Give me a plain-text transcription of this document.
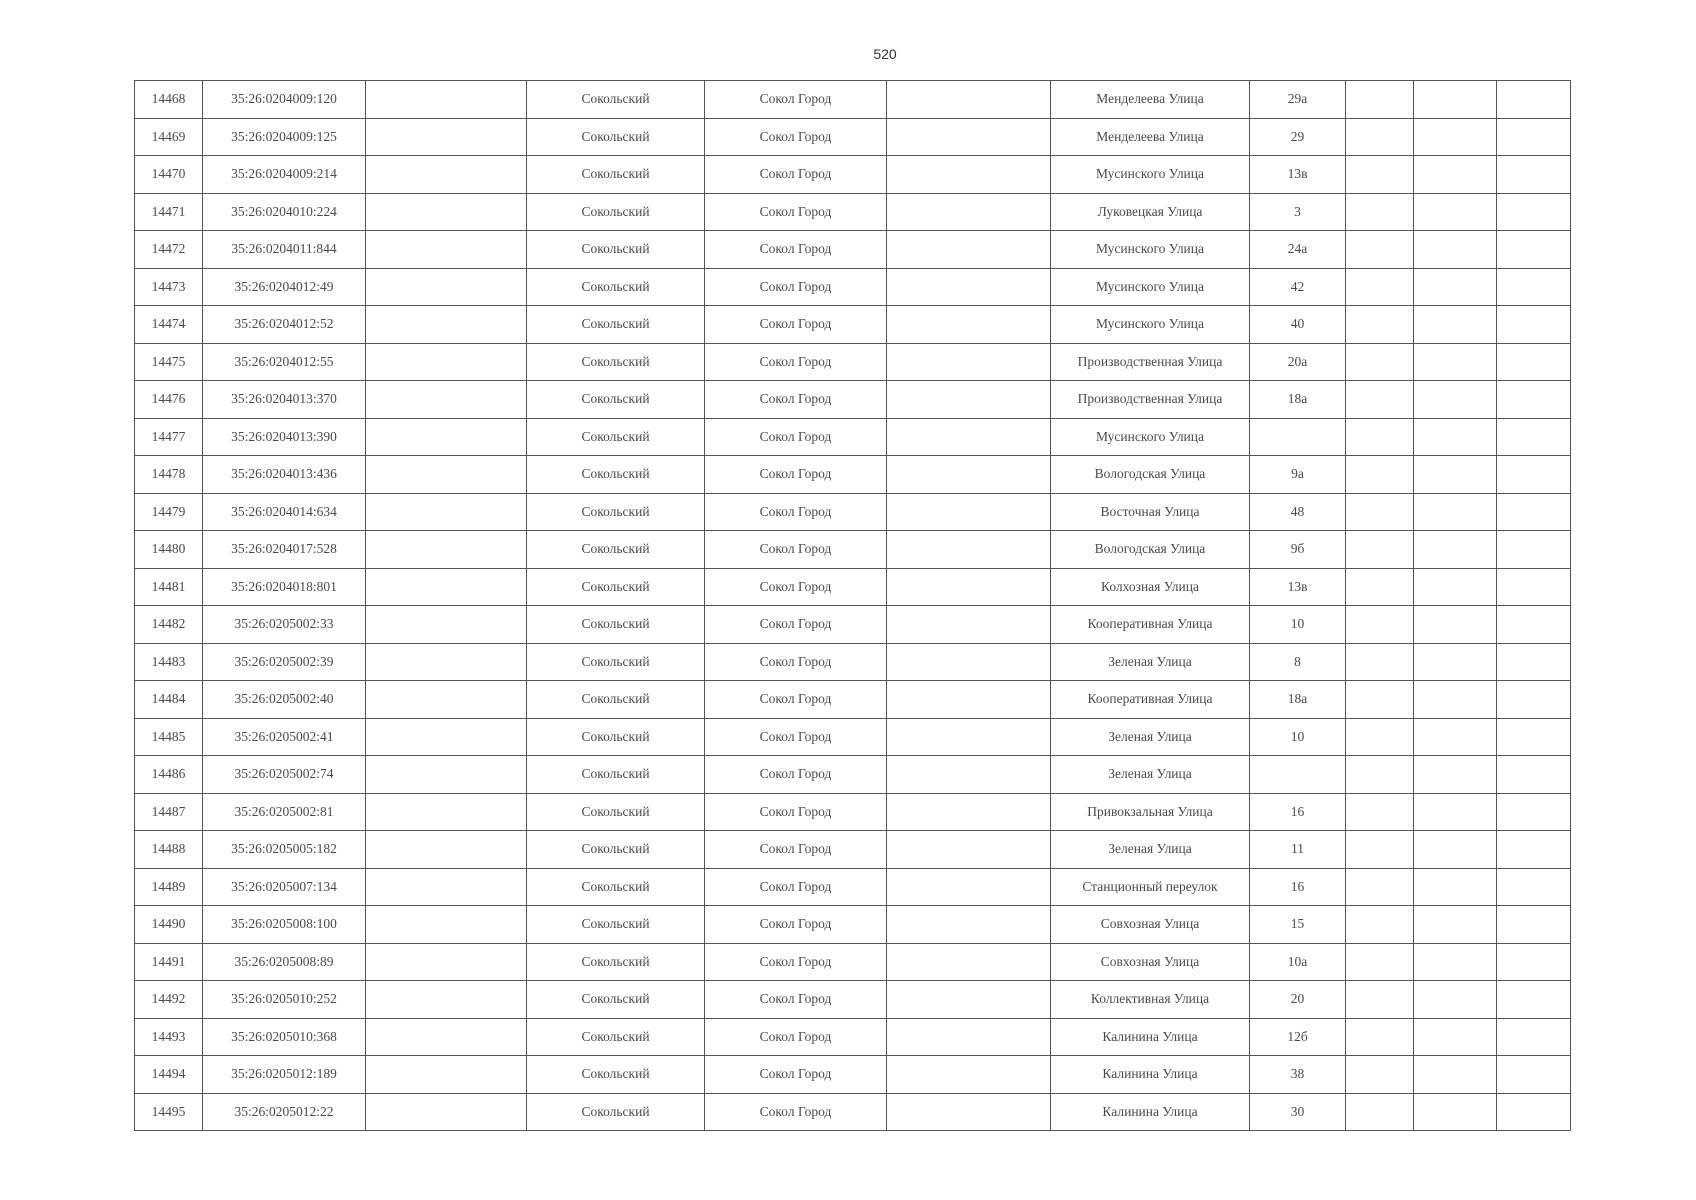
520
14468	35:26:0204009:120		Сокольский	Сокол Город		Менделеева Улица	29а			
14469	35:26:0204009:125		Сокольский	Сокол Город		Менделеева Улица	29			
14470	35:26:0204009:214		Сокольский	Сокол Город		Мусинского Улица	13в			
14471	35:26:0204010:224		Сокольский	Сокол Город		Луковецкая Улица	3			
14472	35:26:0204011:844		Сокольский	Сокол Город		Мусинского Улица	24а			
14473	35:26:0204012:49		Сокольский	Сокол Город		Мусинского Улица	42			
14474	35:26:0204012:52		Сокольский	Сокол Город		Мусинского Улица	40			
14475	35:26:0204012:55		Сокольский	Сокол Город		Производственная Улица	20а			
14476	35:26:0204013:370		Сокольский	Сокол Город		Производственная Улица	18а			
14477	35:26:0204013:390		Сокольский	Сокол Город		Мусинского Улица				
14478	35:26:0204013:436		Сокольский	Сокол Город		Вологодская Улица	9а			
14479	35:26:0204014:634		Сокольский	Сокол Город		Восточная Улица	48			
14480	35:26:0204017:528		Сокольский	Сокол Город		Вологодская Улица	9б			
14481	35:26:0204018:801		Сокольский	Сокол Город		Колхозная Улица	13в			
14482	35:26:0205002:33		Сокольский	Сокол Город		Кооперативная Улица	10			
14483	35:26:0205002:39		Сокольский	Сокол Город		Зеленая Улица	8			
14484	35:26:0205002:40		Сокольский	Сокол Город		Кооперативная Улица	18а			
14485	35:26:0205002:41		Сокольский	Сокол Город		Зеленая Улица	10			
14486	35:26:0205002:74		Сокольский	Сокол Город		Зеленая Улица				
14487	35:26:0205002:81		Сокольский	Сокол Город		Привокзальная Улица	16			
14488	35:26:0205005:182		Сокольский	Сокол Город		Зеленая Улица	11			
14489	35:26:0205007:134		Сокольский	Сокол Город		Станционный переулок	16			
14490	35:26:0205008:100		Сокольский	Сокол Город		Совхозная Улица	15			
14491	35:26:0205008:89		Сокольский	Сокол Город		Совхозная Улица	10а			
14492	35:26:0205010:252		Сокольский	Сокол Город		Коллективная Улица	20			
14493	35:26:0205010:368		Сокольский	Сокол Город		Калинина Улица	12б			
14494	35:26:0205012:189		Сокольский	Сокол Город		Калинина Улица	38			
14495	35:26:0205012:22		Сокольский	Сокол Город		Калинина Улица	30			
